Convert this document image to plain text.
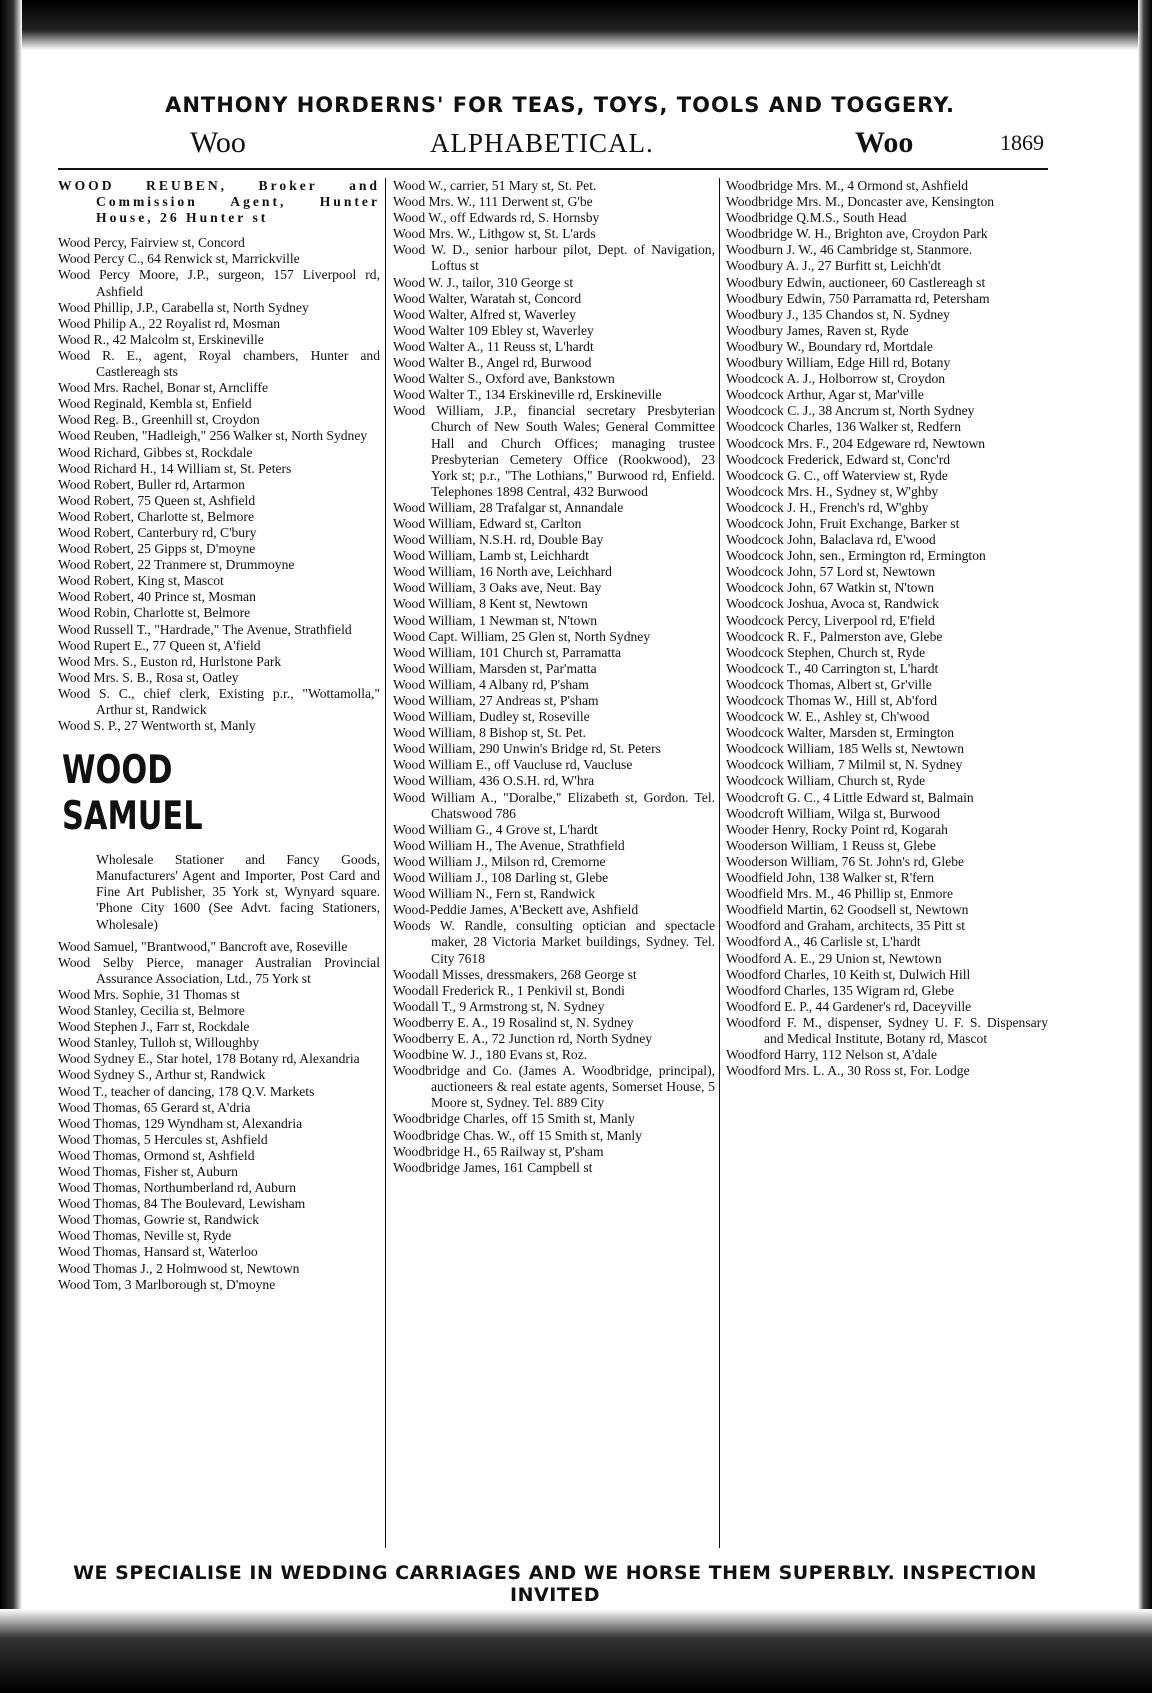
ANTHONY HORDERNS' FOR TEAS, TOYS, TOOLS AND TOGGERY.
Woo	ALPHABETICAL.	Woo	1869

WOOD REUBEN, Broker and Commission Agent, Hunter House, 26 Hunter st

Wood Percy, Fairview st, Concord

Wood Percy C., 64 Renwick st, Marrickville

Wood Percy Moore, J.P., surgeon, 157 Liverpool rd, Ashfield

Wood Phillip, J.P., Carabella st, North Sydney

Wood Philip A., 22 Royalist rd, Mosman

Wood R., 42 Malcolm st, Erskineville

Wood R. E., agent, Royal chambers, Hunter and Castlereagh sts

Wood Mrs. Rachel, Bonar st, Arncliffe

Wood Reginald, Kembla st, Enfield

Wood Reg. B., Greenhill st, Croydon

Wood Reuben, "Hadleigh," 256 Walker st, North Sydney

Wood Richard, Gibbes st, Rockdale

Wood Richard H., 14 William st, St. Peters

Wood Robert, Buller rd, Artarmon

Wood Robert, 75 Queen st, Ashfield

Wood Robert, Charlotte st, Belmore

Wood Robert, Canterbury rd, C'bury

Wood Robert, 25 Gipps st, D'moyne

Wood Robert, 22 Tranmere st, Drummoyne

Wood Robert, King st, Mascot

Wood Robert, 40 Prince st, Mosman

Wood Robin, Charlotte st, Belmore

Wood Russell T., "Hardrade," The Avenue, Strathfield

Wood Rupert E., 77 Queen st, A'field

Wood Mrs. S., Euston rd, Hurlstone Park

Wood Mrs. S. B., Rosa st, Oatley

Wood S. C., chief clerk, Existing p.r., "Wottamolla," Arthur st, Randwick

Wood S. P., 27 Wentworth st, Manly

WOOD SAMUEL

Wholesale Stationer and Fancy Goods, Manufacturers' Agent and Importer, Post Card and Fine Art Publisher, 35 York st, Wynyard square. 'Phone City 1600 (See Advt. facing Stationers, Wholesale)

Wood Samuel, "Brantwood," Bancroft ave, Roseville

Wood Selby Pierce, manager Australian Provincial Assurance Association, Ltd., 75 York st

Wood Mrs. Sophie, 31 Thomas st

Wood Stanley, Cecilia st, Belmore

Wood Stephen J., Farr st, Rockdale

Wood Stanley, Tulloh st, Willoughby

Wood Sydney E., Star hotel, 178 Botany rd, Alexandria

Wood Sydney S., Arthur st, Randwick

Wood T., teacher of dancing, 178 Q.V. Markets

Wood Thomas, 65 Gerard st, A'dria

Wood Thomas, 129 Wyndham st, Alexandria

Wood Thomas, 5 Hercules st, Ashfield

Wood Thomas, Ormond st, Ashfield

Wood Thomas, Fisher st, Auburn

Wood Thomas, Northumberland rd, Auburn

Wood Thomas, 84 The Boulevard, Lewisham

Wood Thomas, Gowrie st, Randwick

Wood Thomas, Neville st, Ryde

Wood Thomas, Hansard st, Waterloo

Wood Thomas J., 2 Holmwood st, Newtown

Wood Tom, 3 Marlborough st, D'moyne

Wood W., carrier, 51 Mary st, St. Pet.

Wood Mrs. W., 111 Derwent st, G'be

Wood W., off Edwards rd, S. Hornsby

Wood Mrs. W., Lithgow st, St. L'ards

Wood W. D., senior harbour pilot, Dept. of Navigation, Loftus st

Wood W. J., tailor, 310 George st

Wood Walter, Waratah st, Concord

Wood Walter, Alfred st, Waverley

Wood Walter 109 Ebley st, Waverley

Wood Walter A., 11 Reuss st, L'hardt

Wood Walter B., Angel rd, Burwood

Wood Walter S., Oxford ave, Bankstown

Wood Walter T., 134 Erskineville rd, Erskineville

Wood William, J.P., financial secretary Presbyterian Church of New South Wales; General Committee Hall and Church Offices; managing trustee Presbyterian Cemetery Office (Rookwood), 23 York st; p.r., "The Lothians," Burwood rd, Enfield. Telephones 1898 Central, 432 Burwood

Wood William, 28 Trafalgar st, Annandale

Wood William, Edward st, Carlton

Wood William, N.S.H. rd, Double Bay

Wood William, Lamb st, Leichhardt

Wood William, 16 North ave, Leichhard

Wood William, 3 Oaks ave, Neut. Bay

Wood William, 8 Kent st, Newtown

Wood William, 1 Newman st, N'town

Wood Capt. William, 25 Glen st, North Sydney

Wood William, 101 Church st, Parramatta

Wood William, Marsden st, Par'matta

Wood William, 4 Albany rd, P'sham

Wood William, 27 Andreas st, P'sham

Wood William, Dudley st, Roseville

Wood William, 8 Bishop st, St. Pet.

Wood William, 290 Unwin's Bridge rd, St. Peters

Wood William E., off Vaucluse rd, Vaucluse

Wood William, 436 O.S.H. rd, W'hra

Wood William A., "Doralbe," Elizabeth st, Gordon. Tel. Chatswood 786

Wood William G., 4 Grove st, L'hardt

Wood William H., The Avenue, Strathfield

Wood William J., Milson rd, Cremorne

Wood William J., 108 Darling st, Glebe

Wood William N., Fern st, Randwick

Wood-Peddie James, A'Beckett ave, Ashfield

Woods W. Randle, consulting optician and spectacle maker, 28 Victoria Market buildings, Sydney. Tel. City 7618

Woodall Misses, dressmakers, 268 George st

Woodall Frederick R., 1 Penkivil st, Bondi

Woodall T., 9 Armstrong st, N. Sydney

Woodberry E. A., 19 Rosalind st, N. Sydney

Woodberry E. A., 72 Junction rd, North Sydney

Woodbine W. J., 180 Evans st, Roz.

Woodbridge and Co. (James A. Woodbridge, principal), auctioneers & real estate agents, Somerset House, 5 Moore st, Sydney. Tel. 889 City

Woodbridge Charles, off 15 Smith st, Manly

Woodbridge Chas. W., off 15 Smith st, Manly

Woodbridge H., 65 Railway st, P'sham

Woodbridge James, 161 Campbell st

Woodbridge Mrs. M., 4 Ormond st, Ashfield

Woodbridge Mrs. M., Doncaster ave, Kensington

Woodbridge Q.M.S., South Head

Woodbridge W. H., Brighton ave, Croydon Park

Woodburn J. W., 46 Cambridge st, Stanmore.

Woodbury A. J., 27 Burfitt st, Leichh'dt

Woodbury Edwin, auctioneer, 60 Castlereagh st

Woodbury Edwin, 750 Parramatta rd, Petersham

Woodbury J., 135 Chandos st, N. Sydney

Woodbury James, Raven st, Ryde

Woodbury W., Boundary rd, Mortdale

Woodbury William, Edge Hill rd, Botany

Woodcock A. J., Holborrow st, Croydon

Woodcock Arthur, Agar st, Mar'ville

Woodcock C. J., 38 Ancrum st, North Sydney

Woodcock Charles, 136 Walker st, Redfern

Woodcock Mrs. F., 204 Edgeware rd, Newtown

Woodcock Frederick, Edward st, Conc'rd

Woodcock G. C., off Waterview st, Ryde

Woodcock Mrs. H., Sydney st, W'ghby

Woodcock J. H., French's rd, W'ghby

Woodcock John, Fruit Exchange, Barker st

Woodcock John, Balaclava rd, E'wood

Woodcock John, sen., Ermington rd, Ermington

Woodcock John, 57 Lord st, Newtown

Woodcock John, 67 Watkin st, N'town

Woodcock Joshua, Avoca st, Randwick

Woodcock Percy, Liverpool rd, E'field

Woodcock R. F., Palmerston ave, Glebe

Woodcock Stephen, Church st, Ryde

Woodcock T., 40 Carrington st, L'hardt

Woodcock Thomas, Albert st, Gr'ville

Woodcock Thomas W., Hill st, Ab'ford

Woodcock W. E., Ashley st, Ch'wood

Woodcock Walter, Marsden st, Ermington

Woodcock William, 185 Wells st, Newtown

Woodcock William, 7 Milmil st, N. Sydney

Woodcock William, Church st, Ryde

Woodcroft G. C., 4 Little Edward st, Balmain

Woodcroft William, Wilga st, Burwood

Wooder Henry, Rocky Point rd, Kogarah

Wooderson William, 1 Reuss st, Glebe

Wooderson William, 76 St. John's rd, Glebe

Woodfield John, 138 Walker st, R'fern

Woodfield Mrs. M., 46 Phillip st, Enmore

Woodfield Martin, 62 Goodsell st, Newtown

Woodford and Graham, architects, 35 Pitt st

Woodford A., 46 Carlisle st, L'hardt

Woodford A. E., 29 Union st, Newtown

Woodford Charles, 10 Keith st, Dulwich Hill

Woodford Charles, 135 Wigram rd, Glebe

Woodford E. P., 44 Gardener's rd, Daceyville

Woodford F. M., dispenser, Sydney U. F. S. Dispensary and Medical Institute, Botany rd, Mascot

Woodford Harry, 112 Nelson st, A'dale

Woodford Mrs. L. A., 30 Ross st, For. Lodge

WE SPECIALISE IN WEDDING CARRIAGES AND WE HORSE THEM SUPERBLY. INSPECTION INVITED
